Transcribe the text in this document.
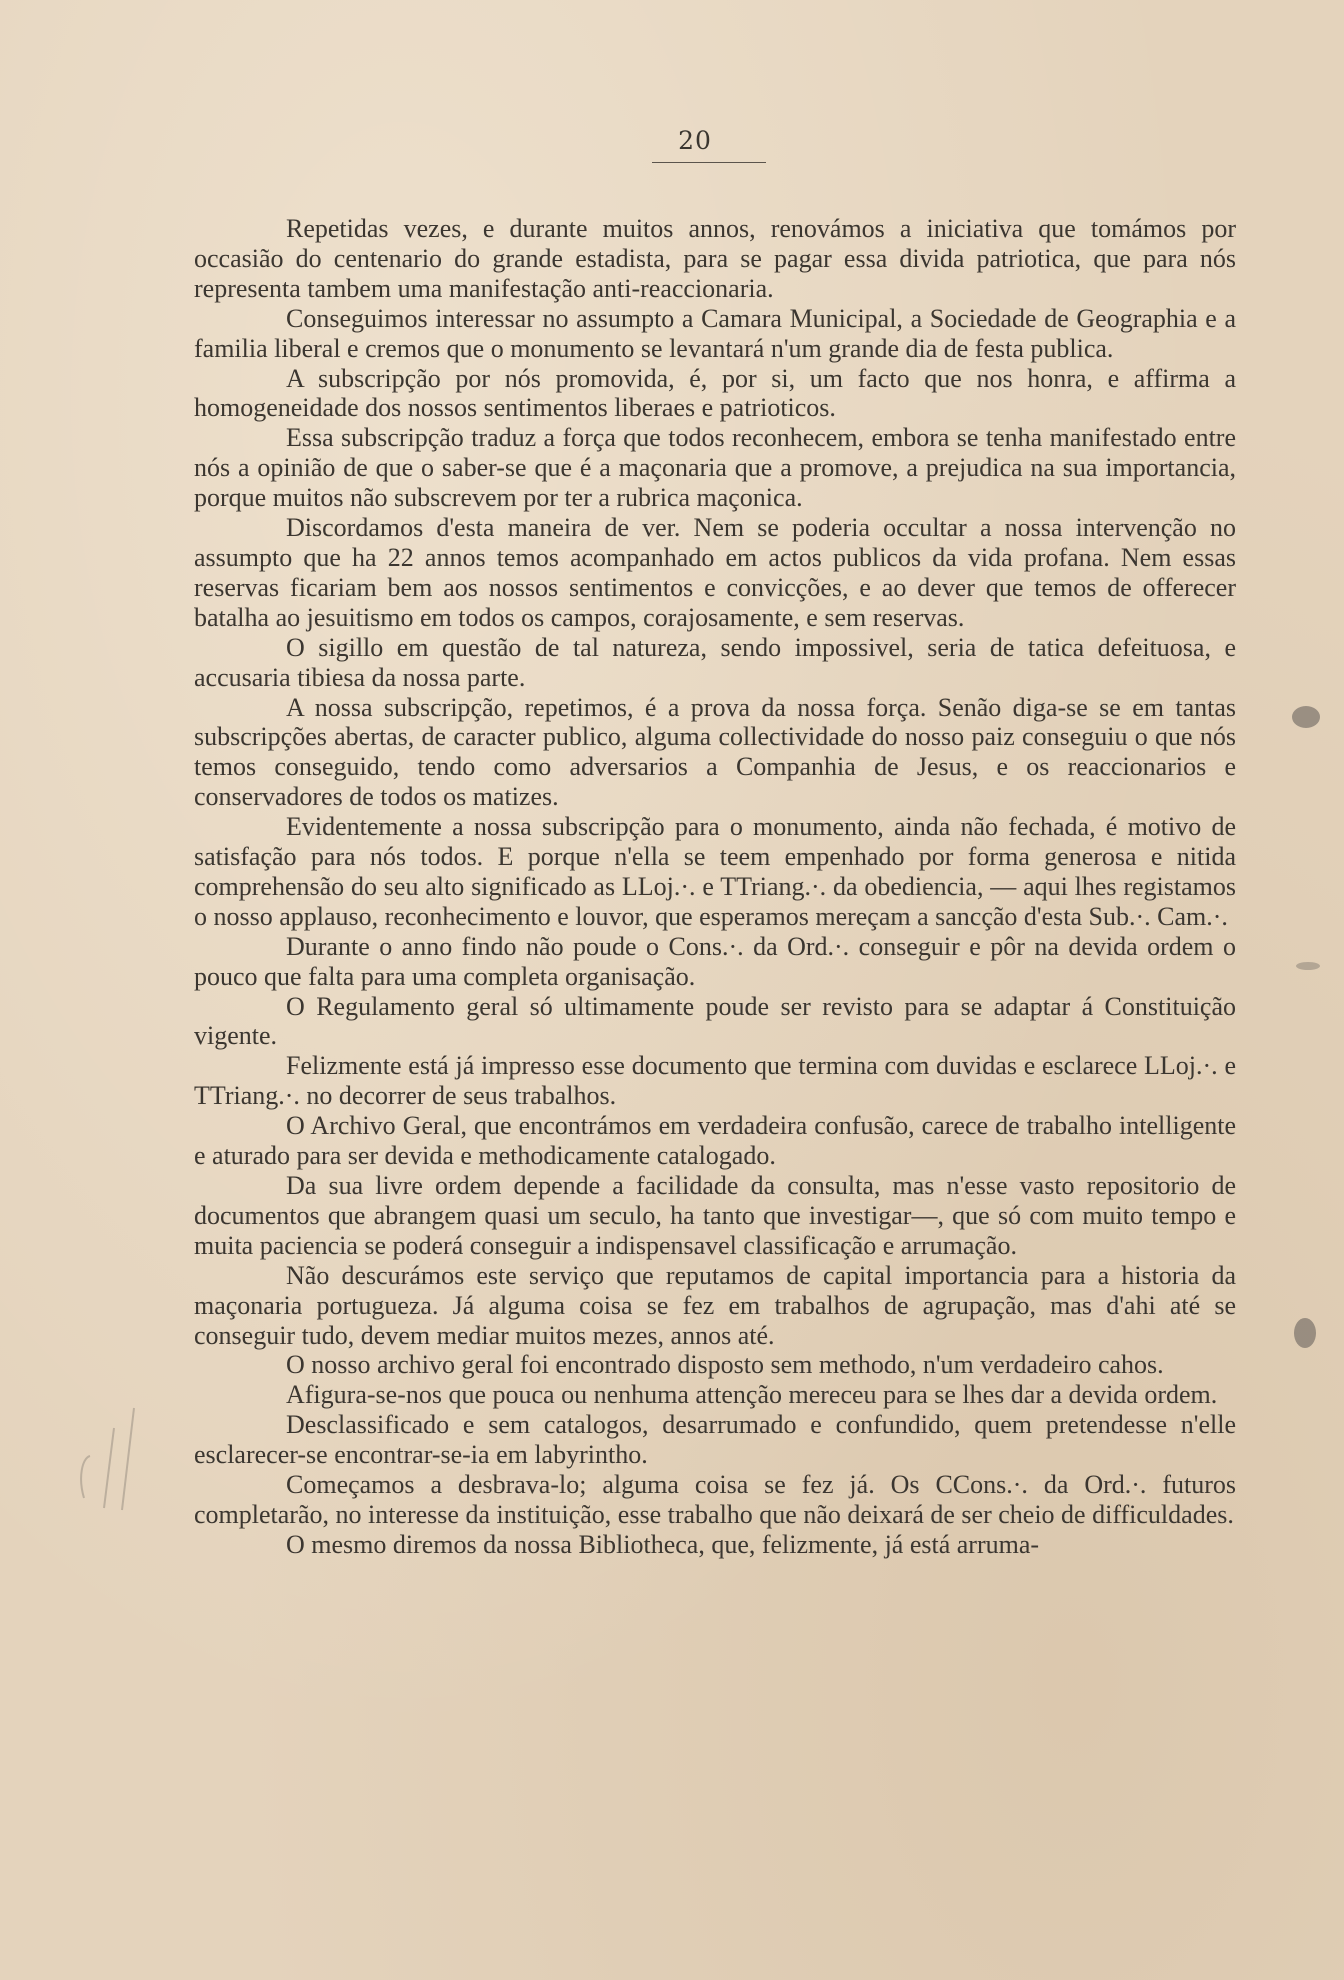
20

Repetidas vezes, e durante muitos annos, renovámos a iniciativa que tomámos por occasião do centenario do grande estadista, para se pagar essa divida patriotica, que para nós representa tambem uma manifestação anti-reaccionaria.

Conseguimos interessar no assumpto a Camara Municipal, a Sociedade de Geographia e a familia liberal e cremos que o monumento se levantará n'um grande dia de festa publica.

A subscripção por nós promovida, é, por si, um facto que nos honra, e affirma a homogeneidade dos nossos sentimentos liberaes e patrioticos.

Essa subscripção traduz a força que todos reconhecem, embora se tenha manifestado entre nós a opinião de que o saber-se que é a maçonaria que a promove, a prejudica na sua importancia, porque muitos não subscrevem por ter a rubrica maçonica.

Discordamos d'esta maneira de ver. Nem se poderia occultar a nossa intervenção no assumpto que ha 22 annos temos acompanhado em actos publicos da vida profana. Nem essas reservas ficariam bem aos nossos sentimentos e convicções, e ao dever que temos de offerecer batalha ao jesuitismo em todos os campos, corajosamente, e sem reservas.

O sigillo em questão de tal natureza, sendo impossivel, seria de tatica defeituosa, e accusaria tibiesa da nossa parte.

A nossa subscripção, repetimos, é a prova da nossa força. Senão diga-se se em tantas subscripções abertas, de caracter publico, alguma collectividade do nosso paiz conseguiu o que nós temos conseguido, tendo como adversarios a Companhia de Jesus, e os reaccionarios e conservadores de todos os matizes.

Evidentemente a nossa subscripção para o monumento, ainda não fechada, é motivo de satisfação para nós todos. E porque n'ella se teem empenhado por forma generosa e nitida comprehensão do seu alto significado as LLoj.·. e TTriang.·. da obediencia, — aqui lhes registamos o nosso applauso, reconhecimento e louvor, que esperamos mereçam a sancção d'esta Sub.·. Cam.·.

Durante o anno findo não poude o Cons.·. da Ord.·. conseguir e pôr na devida ordem o pouco que falta para uma completa organisação.

O Regulamento geral só ultimamente poude ser revisto para se adaptar á Constituição vigente.

Felizmente está já impresso esse documento que termina com duvidas e esclarece LLoj.·. e TTriang.·. no decorrer de seus trabalhos.

O Archivo Geral, que encontrámos em verdadeira confusão, carece de trabalho intelligente e aturado para ser devida e methodicamente catalogado.

Da sua livre ordem depende a facilidade da consulta, mas n'esse vasto repositorio de documentos que abrangem quasi um seculo, ha tanto que investigar—, que só com muito tempo e muita paciencia se poderá conseguir a indispensavel classificação e arrumação.

Não descurámos este serviço que reputamos de capital importancia para a historia da maçonaria portugueza. Já alguma coisa se fez em trabalhos de agrupação, mas d'ahi até se conseguir tudo, devem mediar muitos mezes, annos até.

O nosso archivo geral foi encontrado disposto sem methodo, n'um verdadeiro cahos.

Afigura-se-nos que pouca ou nenhuma attenção mereceu para se lhes dar a devida ordem.

Desclassificado e sem catalogos, desarrumado e confundido, quem pretendesse n'elle esclarecer-se encontrar-se-ia em labyrintho.

Começamos a desbrava-lo; alguma coisa se fez já. Os CCons.·. da Ord.·. futuros completarão, no interesse da instituição, esse trabalho que não deixará de ser cheio de difficuldades.

O mesmo diremos da nossa Bibliotheca, que, felizmente, já está arruma-
